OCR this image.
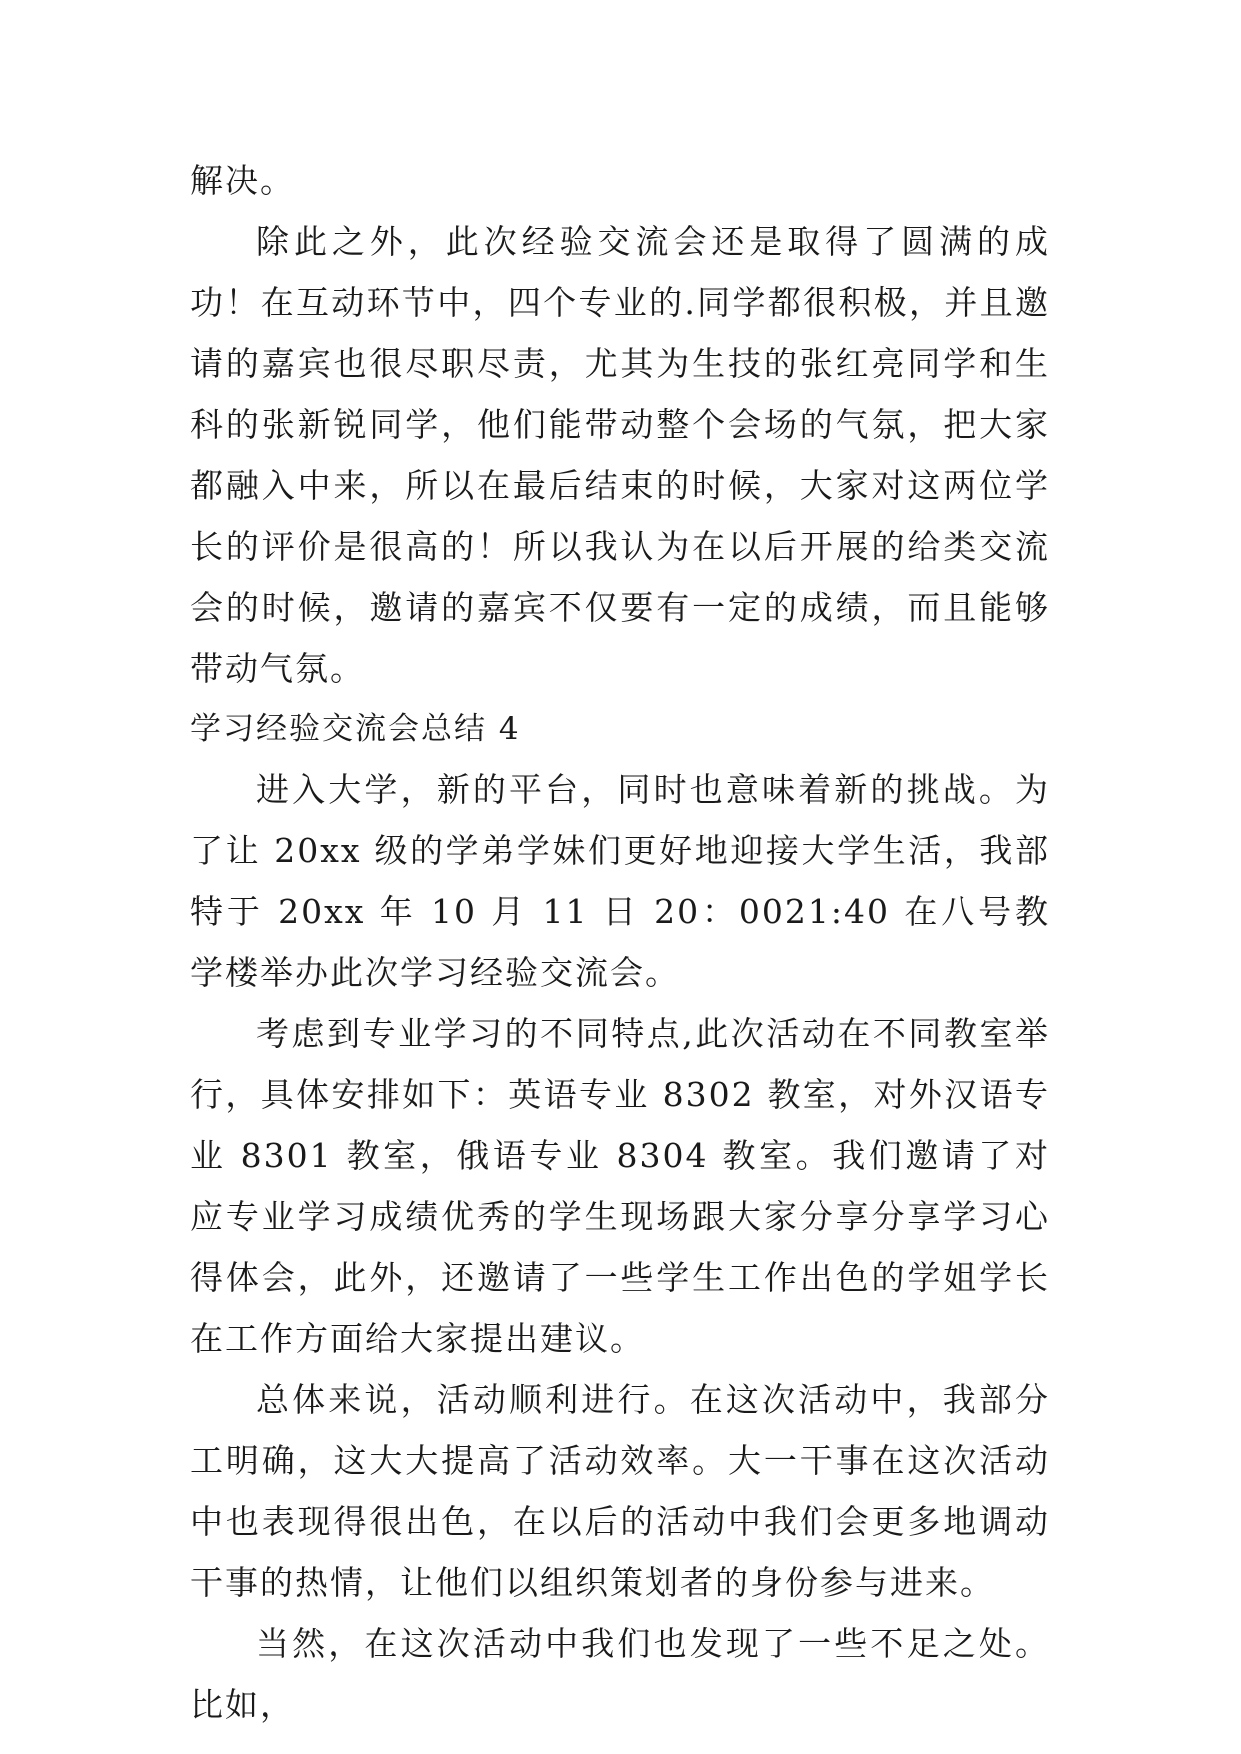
解决。

除此之外，此次经验交流会还是取得了圆满的成功！在互动环节中，四个专业的.同学都很积极，并且邀请的嘉宾也很尽职尽责，尤其为生技的张红亮同学和生科的张新锐同学，他们能带动整个会场的气氛，把大家都融入中来，所以在最后结束的时候，大家对这两位学长的评价是很高的！所以我认为在以后开展的给类交流会的时候，邀请的嘉宾不仅要有一定的成绩，而且能够带动气氛。

学习经验交流会总结 4

进入大学，新的平台，同时也意味着新的挑战。为了让 20xx 级的学弟学妹们更好地迎接大学生活，我部特于 20xx 年 10 月 11 日 20：0021:40 在八号教学楼举办此次学习经验交流会。

考虑到专业学习的不同特点,此次活动在不同教室举行，具体安排如下：英语专业 8302 教室，对外汉语专业 8301 教室，俄语专业 8304 教室。我们邀请了对应专业学习成绩优秀的学生现场跟大家分享分享学习心得体会，此外，还邀请了一些学生工作出色的学姐学长在工作方面给大家提出建议。

总体来说，活动顺利进行。在这次活动中，我部分工明确，这大大提高了活动效率。大一干事在这次活动中也表现得很出色，在以后的活动中我们会更多地调动干事的热情，让他们以组织策划者的身份参与进来。

当然，在这次活动中我们也发现了一些不足之处。比如，
